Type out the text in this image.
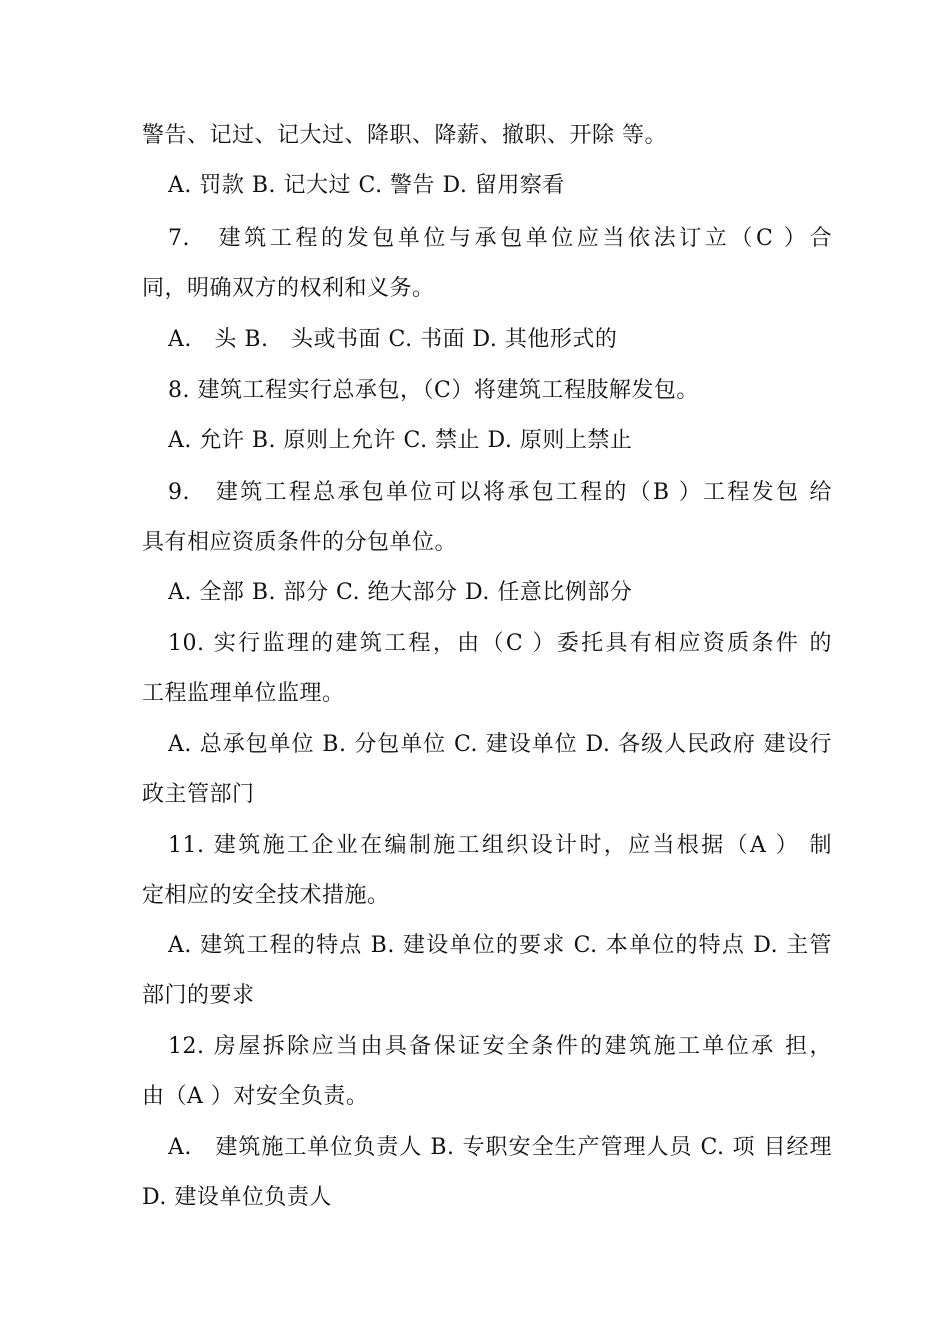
警告、记过、记大过、降职、降薪、撤职、开除 等。
A. 罚款 B. 记大过 C. 警告 D. 留用察看
7.　建筑工程的发包单位与承包单位应当依法订立（C ）合
同，明确双方的权利和义务。
A.　头 B.　头或书面 C. 书面 D. 其他形式的
8. 建筑工程实行总承包，（C）将建筑工程肢解发包。
A. 允许 B. 原则上允许 C. 禁止 D. 原则上禁止
9.　建筑工程总承包单位可以将承包工程的（B ）工程发包 给
具有相应资质条件的分包单位。
A. 全部 B. 部分 C. 绝大部分 D. 任意比例部分
10. 实行监理的建筑工程，由（C ）委托具有相应资质条件 的
工程监理单位监理。
A. 总承包单位 B. 分包单位 C. 建设单位 D. 各级人民政府 建设行
政主管部门
11. 建筑施工企业在编制施工组织设计时，应当根据（A ） 制
定相应的安全技术措施。
A. 建筑工程的特点 B. 建设单位的要求 C. 本单位的特点 D. 主管
部门的要求
12. 房屋拆除应当由具备保证安全条件的建筑施工单位承 担，
由（A ）对安全负责。
A.　建筑施工单位负责人 B. 专职安全生产管理人员 C. 项 目经理
D. 建设单位负责人
